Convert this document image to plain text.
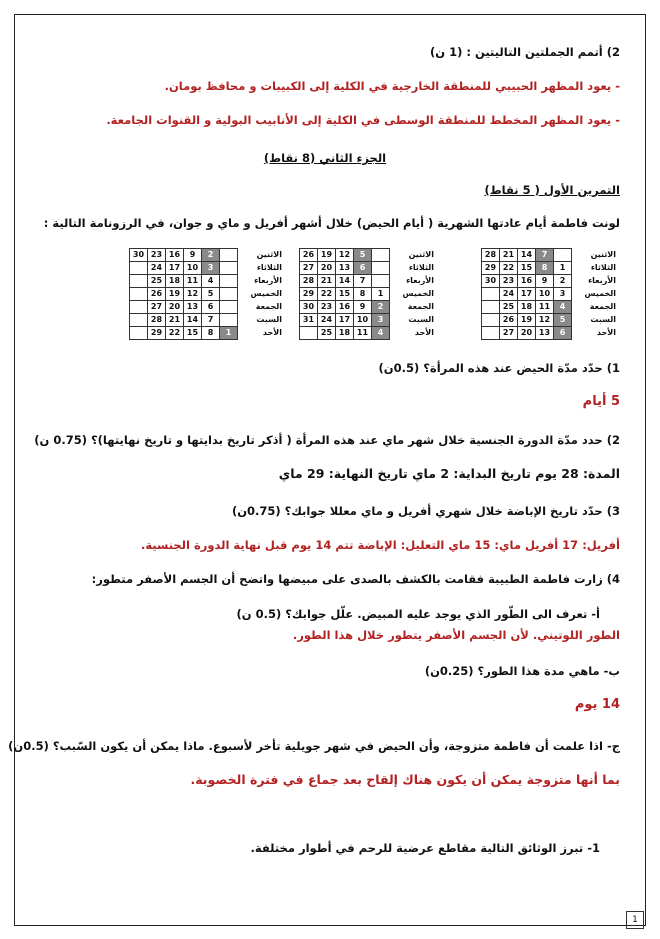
2) أتمم الجملتين التاليتين : (1 ن)
- يعود المظهر الحبيبي للمنطقة الخارجية في الكلية إلى الكبيبات و محافظ بومان.
- يعود المظهر المخطط للمنطقة الوسطى في الكلية إلى الأنابيب البولية و القنوات الجامعة.
الجزء الثاني (8 نقاط)
التمرين الأول ( 5 نقاط)
لونت فاطمة أيام عادتها الشهرية ( أيام الحيض) خلال أشهر أفريل و ماي و جوان، في الرزونامة التالية :
الاثنين		7	14	21	28
الثلاثاء	1	8	15	22	29
الأربعاء	2	9	16	23	30
الخميس	3	10	17	24	
الجمعة	4	11	18	25	
السبت	5	12	19	26	
الأحد	6	13	20	27	
الاثنين		5	12	19	26
الثلاثاء		6	13	20	27
الأربعاء		7	14	21	28
الخميس	1	8	15	22	29
الجمعة	2	9	16	23	30
السبت	3	10	17	24	31
الأحد	4	11	18	25	
الاثنين		2	9	16	23	30
الثلاثاء		3	10	17	24	
الأربعاء		4	11	18	25	
الخميس		5	12	19	26	
الجمعة		6	13	20	27	
السبت		7	14	21	28	
الأحد	1	8	15	22	29	
1) حدّد مدّة الحيض عند هذه المرأة؟ (0.5ن)
5 أيام
2) حدد مدّة الدورة الجنسية خلال شهر ماي عند هذه المرأة ( أذكر تاريخ بدايتها و تاريخ نهايتها)؟ (0.75 ن)
المدة: 28 يوم تاريخ البداية: 2 ماي تاريخ النهاية: 29 ماي
3) حدّد تاريخ الإباضة خلال شهري أفريل و ماي معللا جوابك؟ (0.75ن)
أفريل: 17 أفريل ماي: 15 ماي التعليل: الإباضة تتم 14 يوم قبل نهاية الدورة الجنسية.
4) زارت فاطمة الطبيبة فقامت بالكشف بالصدى على مبيضها واتضح أن الجسم الأصفر متطور:
أ- تعرف الى الطّور الذي يوجد عليه المبيض. علّل جوابك؟ (0.5 ن)
الطور اللوتيني. لأن الجسم الأصفر يتطور خلال هذا الطور.
ب- ماهي مدة هذا الطور؟ (0.25ن)
14 يوم
ج- اذا علمت أن فاطمة متزوجة، وأن الحيض في شهر جويلية تأخر لأسبوع. ماذا يمكن أن يكون السّبب؟ (0.5ن)
بما أنها متزوجة يمكن أن يكون هناك إلقاح بعد جماع في فترة الخصوبة.
1- تبرز الوثائق التالية مقاطع عرضية للرحم في أطوار مختلفة.
1
